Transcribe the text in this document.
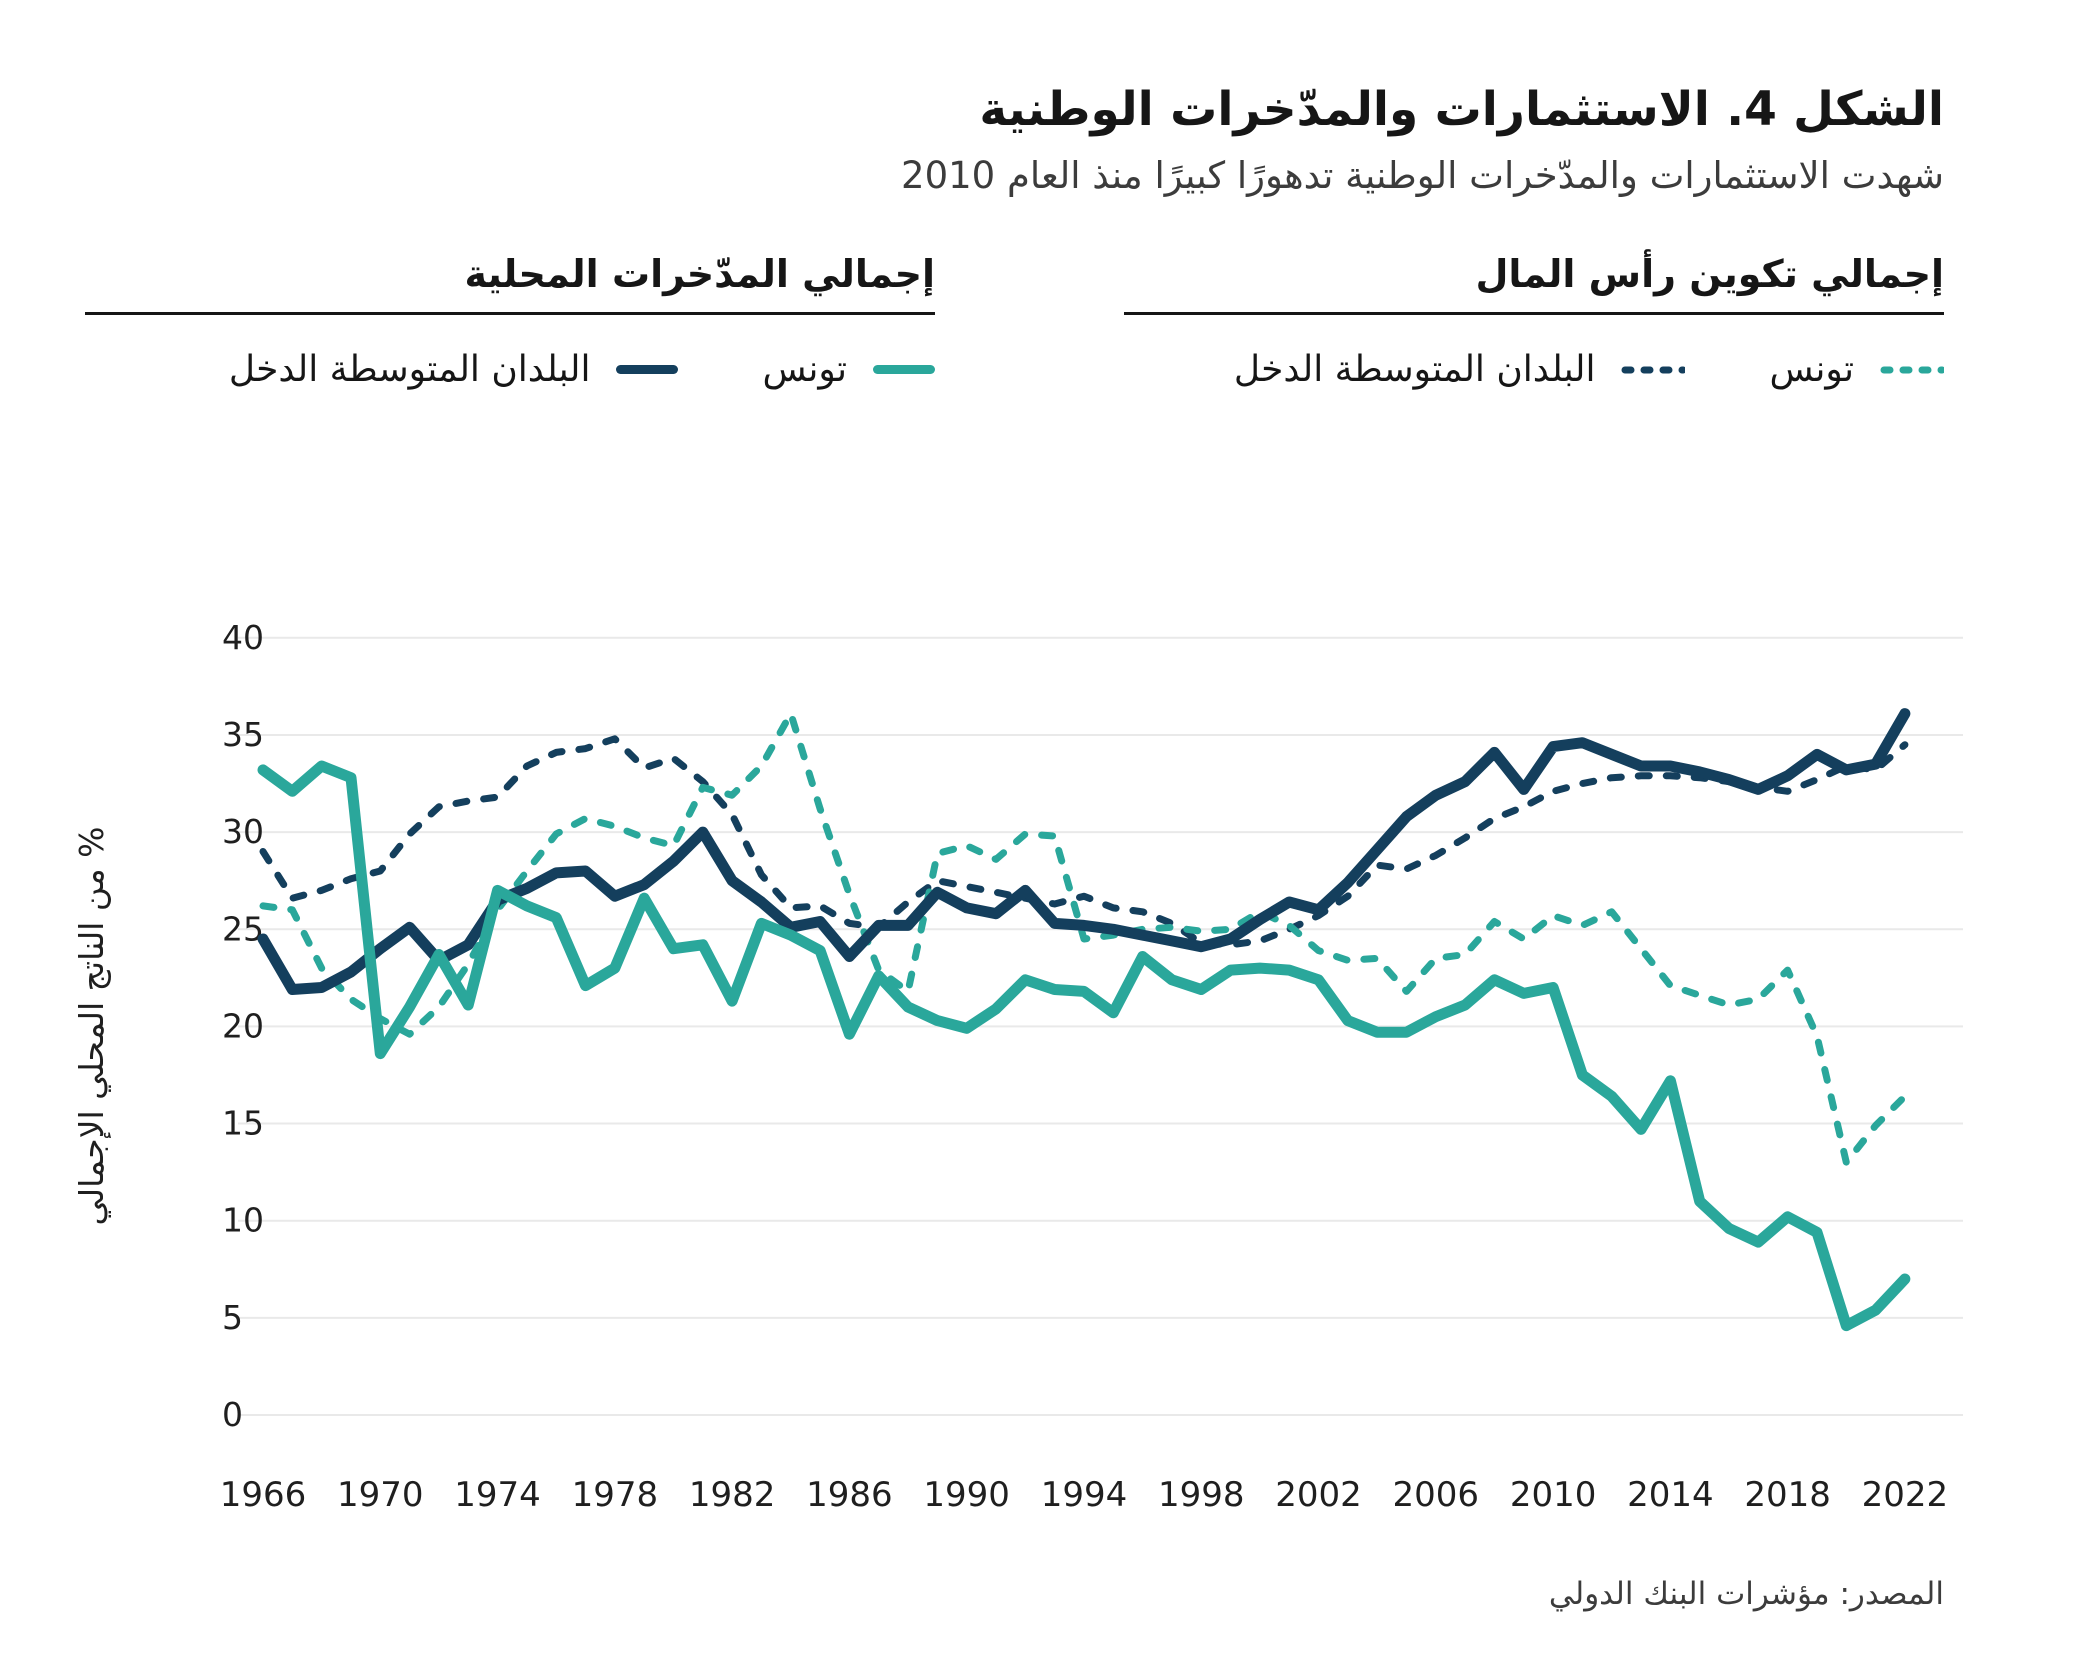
0
5
10
15
20
25
30
35
40
1966 1970 1974 1978 1982 1986 1990 1994 1998 2002 2006 2010 2014 2018 2022
% من الناتج المحلي الإجمالي
الشكل 4. الاستثمارات والمدّخرات الوطنية
شهدت الاستثمارات والمدّخرات الوطنية تدهورًا كبيرًا منذ العام 2010
إجمالي تكوين رأس المال
تونس
البلدان المتوسطة الدخل
إجمالي المدّخرات المحلية
تونس
البلدان المتوسطة الدخل
المصدر: مؤشرات البنك الدولي
